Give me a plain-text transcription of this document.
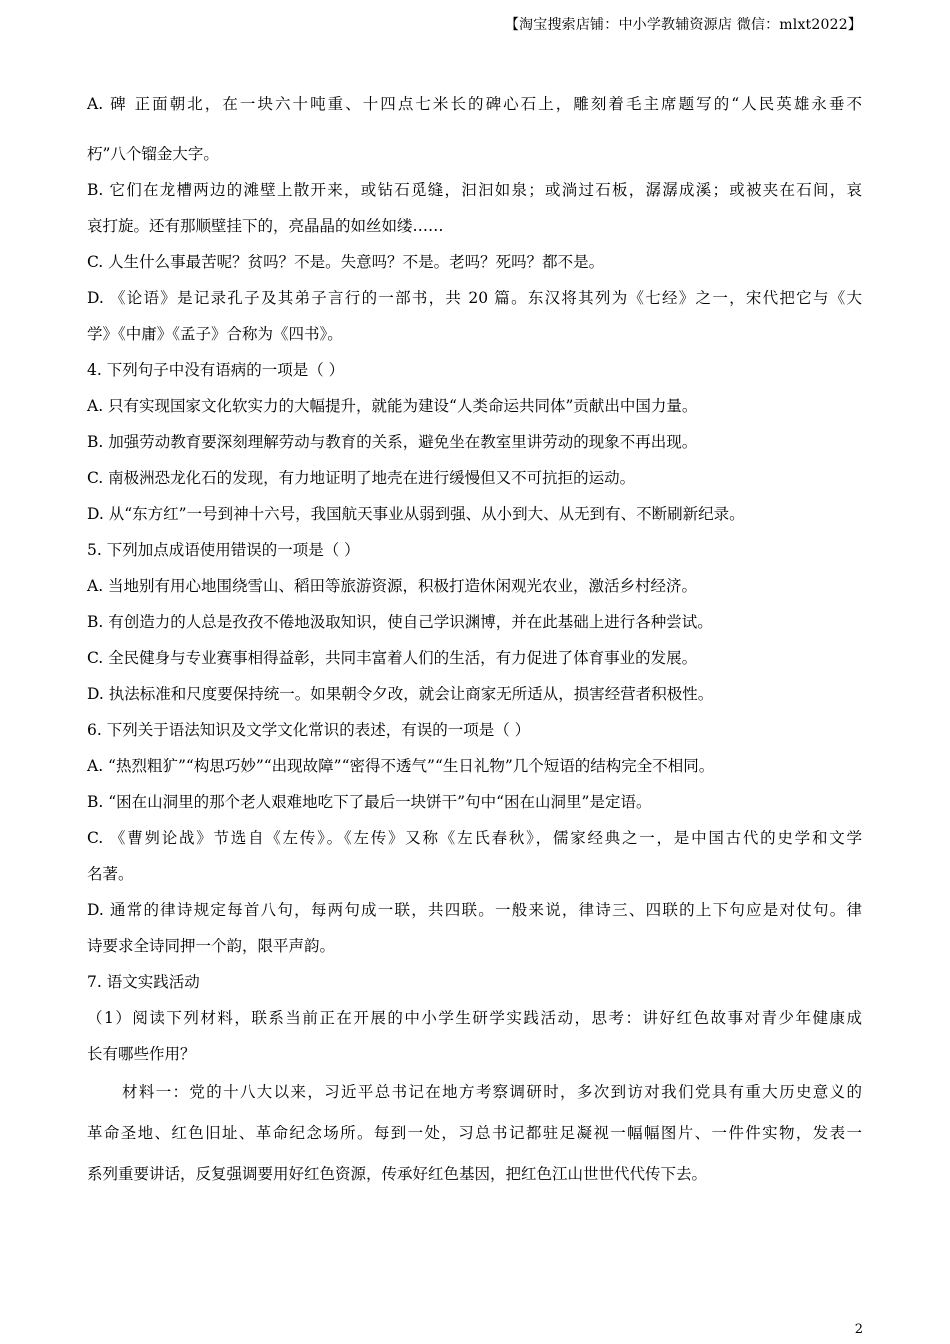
【淘宝搜索店铺：中小学教辅资源店 微信：mlxt2022】
A. 碑 正面朝北，在一块六十吨重、十四点七米长的碑心石上，雕刻着毛主席题写的“人民英雄永垂不
朽”八个镏金大字。
B. 它们在龙槽两边的滩壁上散开来，或钻石觅缝，汩汩如泉；或淌过石板，潺潺成溪；或被夹在石间，哀
哀打旋。还有那顺壁挂下的，亮晶晶的如丝如缕……
C. 人生什么事最苦呢？贫吗？不是。失意吗？不是。老吗？死吗？都不是。
D. 《论语》是记录孔子及其弟子言行的一部书，共 20 篇。东汉将其列为《七经》之一，宋代把它与《大
学》《中庸》《孟子》合称为《四书》。
4. 下列句子中没有语病的一项是（ ）
A. 只有实现国家文化软实力的大幅提升，就能为建设“人类命运共同体”贡献出中国力量。
B. 加强劳动教育要深刻理解劳动与教育的关系，避免坐在教室里讲劳动的现象不再出现。
C. 南极洲恐龙化石的发现，有力地证明了地壳在进行缓慢但又不可抗拒的运动。
D. 从“东方红”一号到神十六号，我国航天事业从弱到强、从小到大、从无到有、不断刷新纪录。
5. 下列加点成语使用错误的一项是（ ）
A. 当地别有用心地围绕雪山、稻田等旅游资源，积极打造休闲观光农业，激活乡村经济。
B. 有创造力的人总是孜孜不倦地汲取知识，使自己学识渊博，并在此基础上进行各种尝试。
C. 全民健身与专业赛事相得益彰，共同丰富着人们的生活，有力促进了体育事业的发展。
D. 执法标准和尺度要保持统一。如果朝令夕改，就会让商家无所适从，损害经营者积极性。
6. 下列关于语法知识及文学文化常识的表述，有误的一项是（ ）
A. “热烈粗犷”“构思巧妙”“出现故障”“密得不透气”“生日礼物”几个短语的结构完全不相同。
B. “困在山洞里的那个老人艰难地吃下了最后一块饼干”句中“困在山洞里”是定语。
C. 《曹刿论战》节选自《左传》。《左传》又称《左氏春秋》，儒家经典之一，是中国古代的史学和文学
名著。
D. 通常的律诗规定每首八句，每两句成一联，共四联。一般来说，律诗三、四联的上下句应是对仗句。律
诗要求全诗同押一个韵，限平声韵。
7. 语文实践活动
（1）阅读下列材料，联系当前正在开展的中小学生研学实践活动，思考：讲好红色故事对青少年健康成
长有哪些作用？
材料一：党的十八大以来，习近平总书记在地方考察调研时，多次到访对我们党具有重大历史意义的
革命圣地、红色旧址、革命纪念场所。每到一处，习总书记都驻足凝视一幅幅图片、一件件实物，发表一
系列重要讲话，反复强调要用好红色资源，传承好红色基因，把红色江山世世代代传下去。
2
